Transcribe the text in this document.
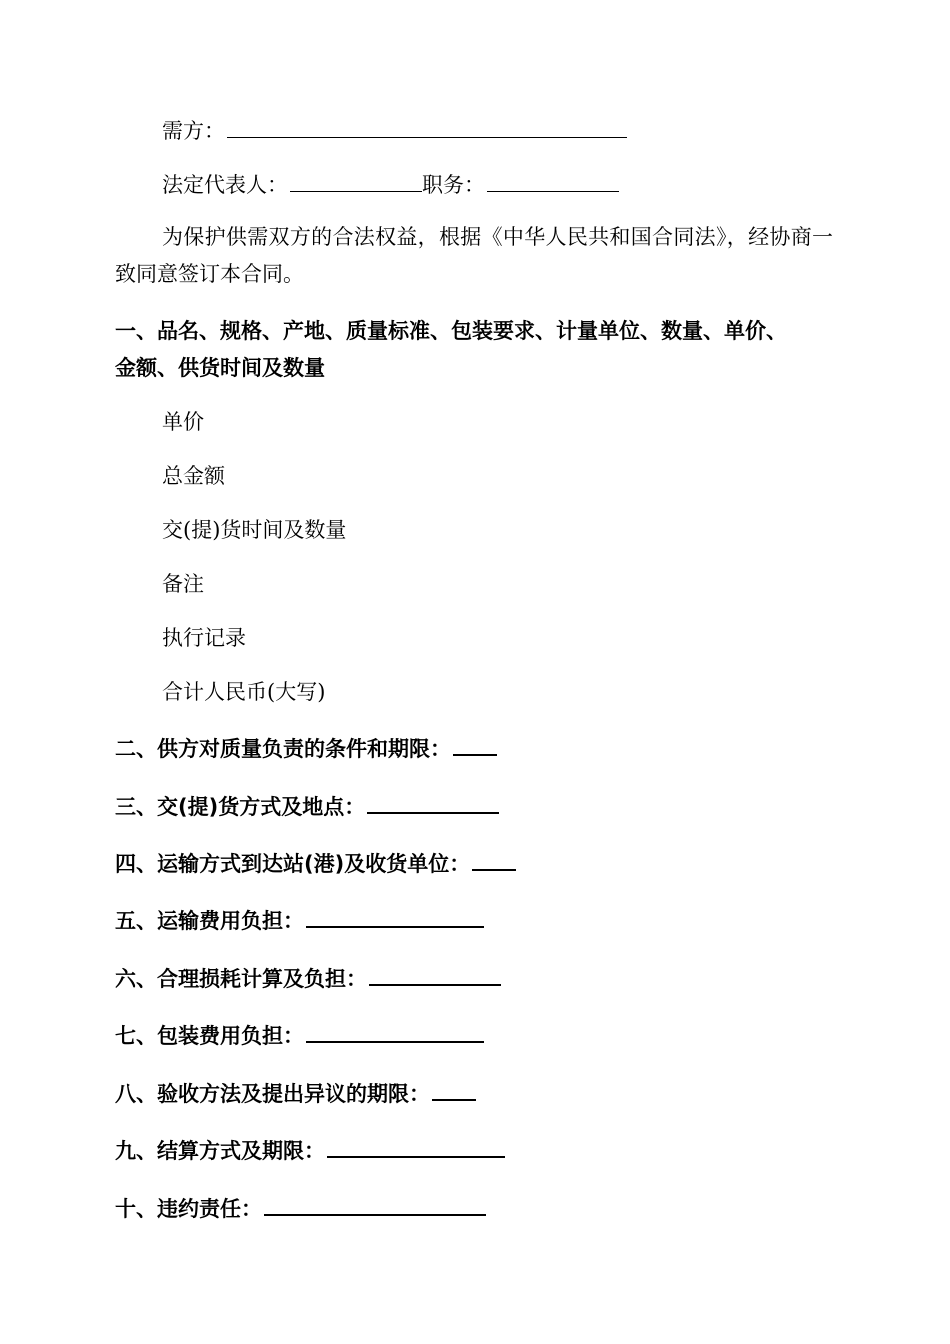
需方：
法定代表人：	职务：
为保护供需双方的合法权益，根据《中华人民共和国合同法》，经协商一致同意签订本合同。
一、品名、规格、产地、质量标准、包装要求、计量单位、数量、单价、
金额、供货时间及数量
单价
总金额
交(提)货时间及数量
备注
执行记录
合计人民币(大写)
二、供方对质量负责的条件和期限：
三、交(提)货方式及地点：
四、运输方式到达站(港)及收货单位：
五、运输费用负担：
六、合理损耗计算及负担：
七、包装费用负担：
八、验收方法及提出异议的期限：
九、结算方式及期限：
十、违约责任：
